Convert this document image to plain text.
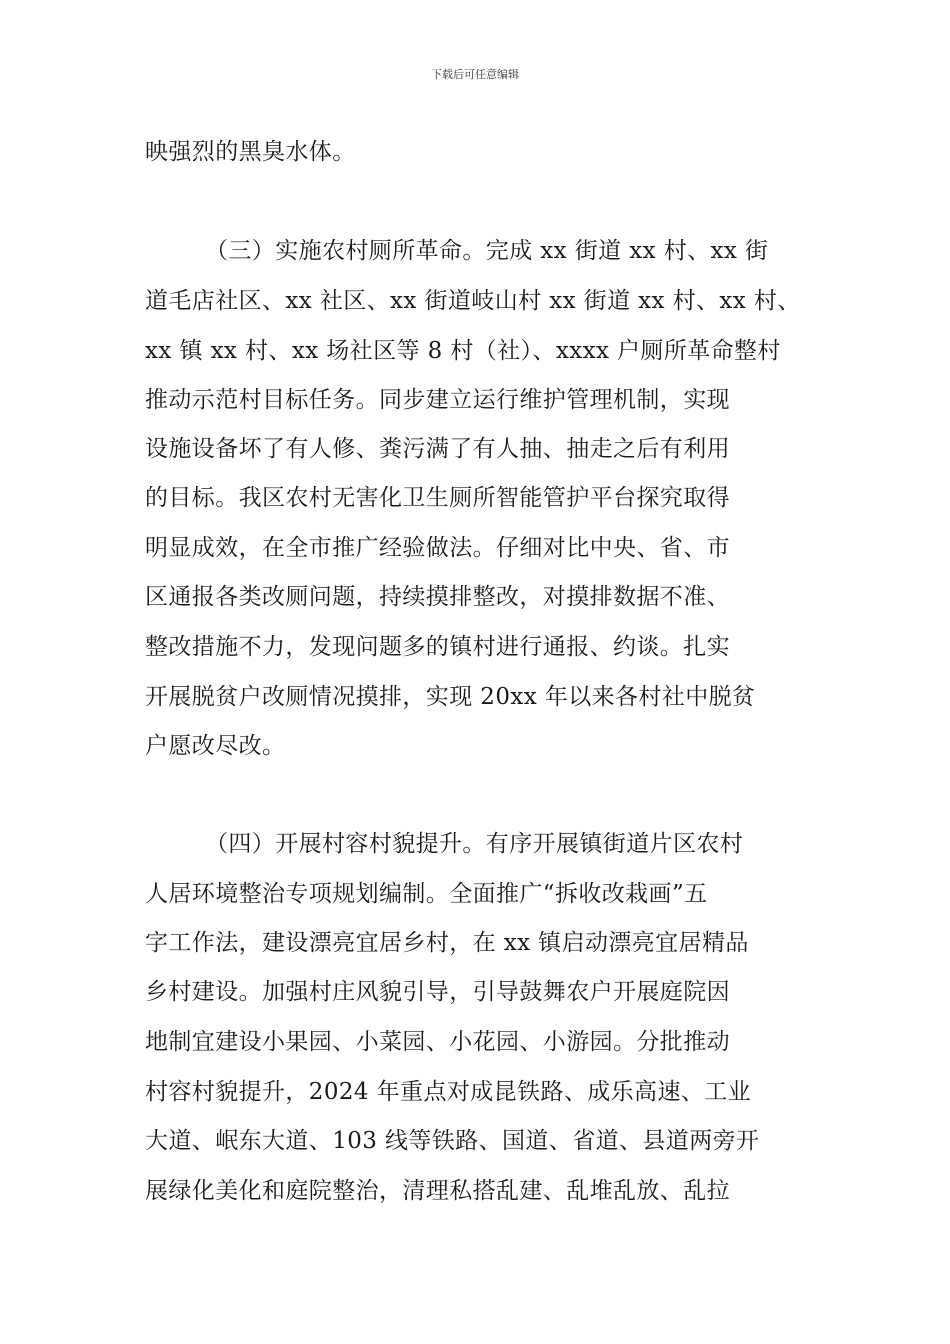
下载后可任意编辑
映强烈的黑臭水体。
（三）实施农村厕所革命。完成 xx 街道 xx 村、xx 街
道毛店社区、xx 社区、xx 街道岐山村 xx 街道 xx 村、xx 村、
xx 镇 xx 村、xx 场社区等 8 村（社）、xxxx 户厕所革命整村
推动示范村目标任务。同步建立运行维护管理机制，实现
设施设备坏了有人修、粪污满了有人抽、抽走之后有利用
的目标。我区农村无害化卫生厕所智能管护平台探究取得
明显成效，在全市推广经验做法。仔细对比中央、省、市
区通报各类改厕问题，持续摸排整改，对摸排数据不准、
整改措施不力，发现问题多的镇村进行通报、约谈。扎实
开展脱贫户改厕情况摸排，实现 20xx 年以来各村社中脱贫
户愿改尽改。
（四）开展村容村貌提升。有序开展镇街道片区农村
人居环境整治专项规划编制。全面推广“拆收改栽画”五
字工作法，建设漂亮宜居乡村，在 xx 镇启动漂亮宜居精品
乡村建设。加强村庄风貌引导，引导鼓舞农户开展庭院因
地制宜建设小果园、小菜园、小花园、小游园。分批推动
村容村貌提升，2024 年重点对成昆铁路、成乐高速、工业
大道、岷东大道、103 线等铁路、国道、省道、县道两旁开
展绿化美化和庭院整治，清理私搭乱建、乱堆乱放、乱拉
